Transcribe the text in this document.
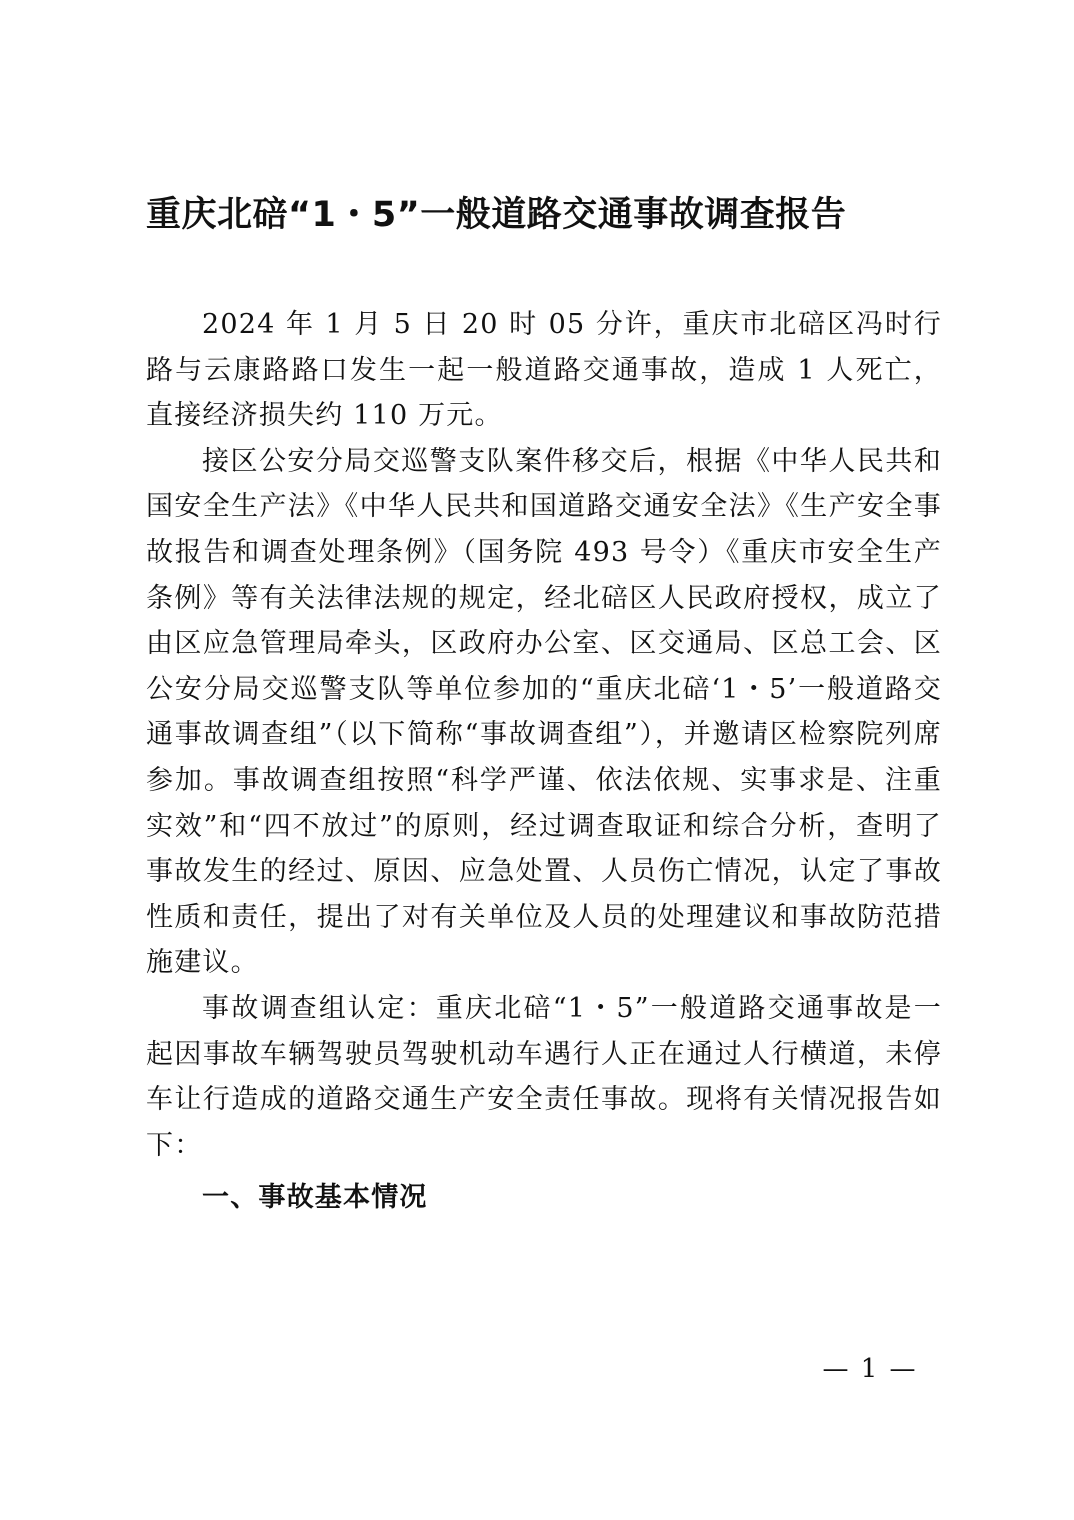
重庆北碚“1・5”一般道路交通事故调查报告

2024 年 1 月 5 日 20 时 05 分许，重庆市北碚区冯时行路与云康路路口发生一起一般道路交通事故，造成 1 人死亡，直接经济损失约 110 万元。

接区公安分局交巡警支队案件移交后，根据《中华人民共和国安全生产法》《中华人民共和国道路交通安全法》《生产安全事故报告和调查处理条例》（国务院 493 号令）《重庆市安全生产条例》等有关法律法规的规定，经北碚区人民政府授权，成立了由区应急管理局牵头，区政府办公室、区交通局、区总工会、区公安分局交巡警支队等单位参加的“重庆北碚‘1・5’一般道路交通事故调查组”（以下简称“事故调查组”），并邀请区检察院列席参加。事故调查组按照“科学严谨、依法依规、实事求是、注重实效”和“四不放过”的原则，经过调查取证和综合分析，查明了事故发生的经过、原因、应急处置、人员伤亡情况，认定了事故性质和责任，提出了对有关单位及人员的处理建议和事故防范措施建议。

事故调查组认定：重庆北碚“1・5”一般道路交通事故是一起因事故车辆驾驶员驾驶机动车遇行人正在通过人行横道，未停车让行造成的道路交通生产安全责任事故。现将有关情况报告如下：

一、事故基本情况

— 1 —
